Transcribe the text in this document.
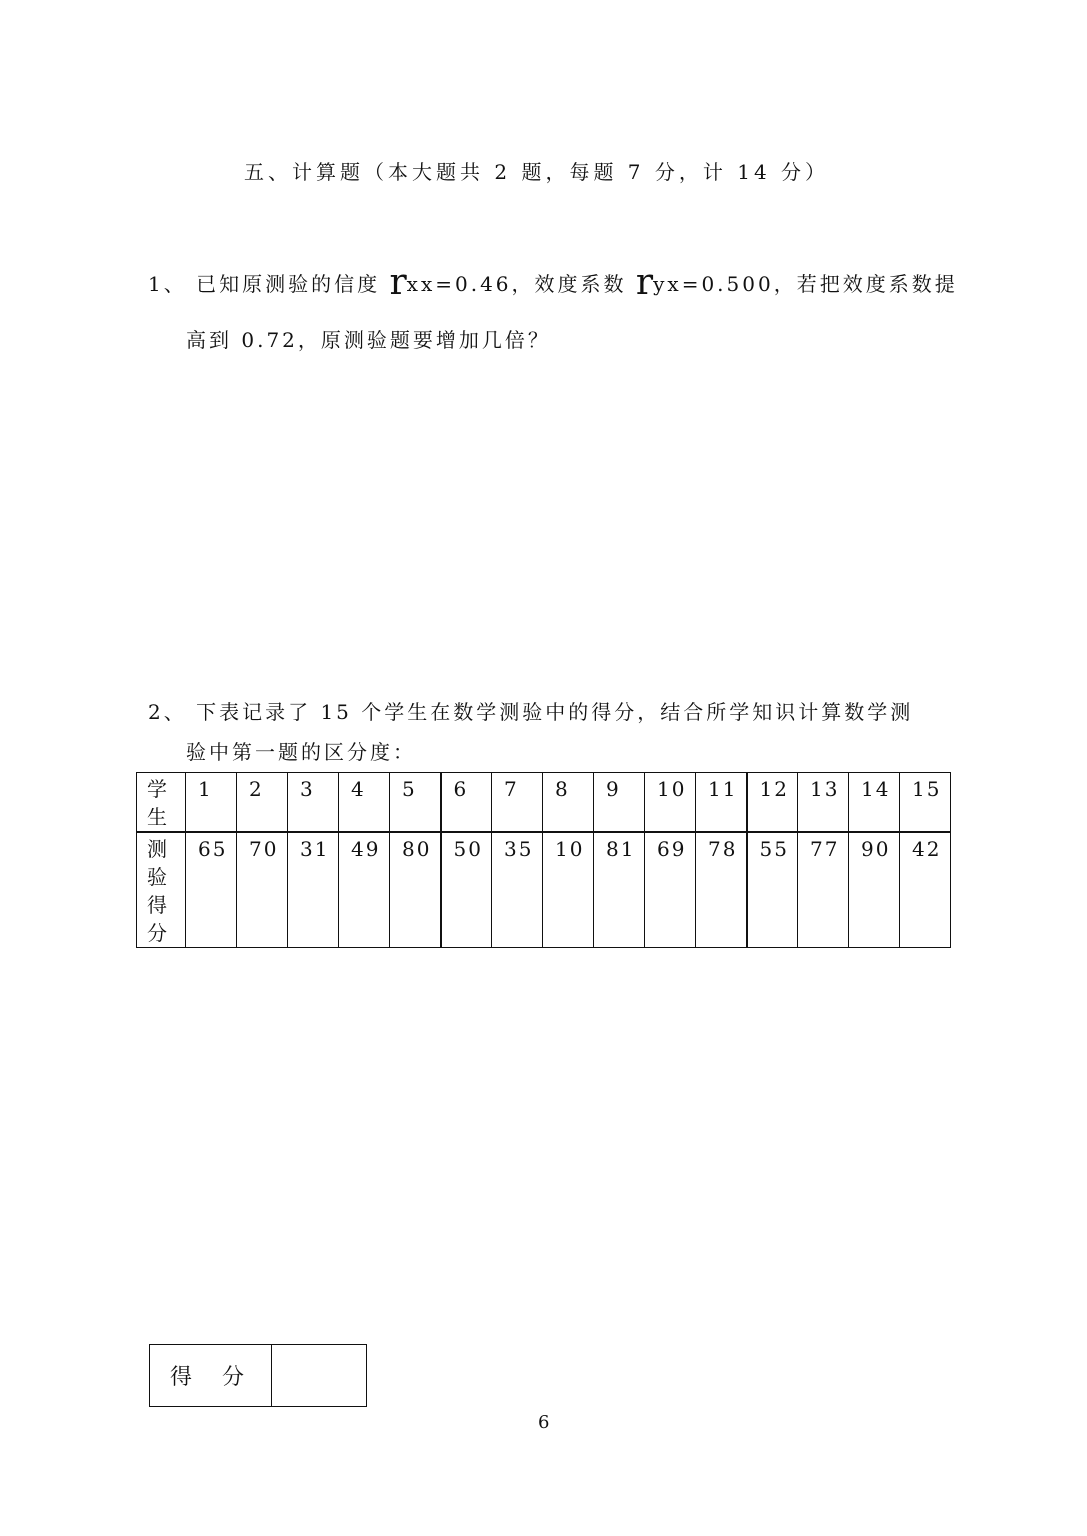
五、计算题（本大题共 2 题，每题 7 分，计 14 分）
1、 已知原测验的信度 rxx=0.46，效度系数 ryx=0.500，若把效度系数提
高到 0.72，原测验题要增加几倍？
2、 下表记录了 15 个学生在数学测验中的得分，结合所学知识计算数学测
验中第一题的区分度：
学生	1	2	3	4	5	6	7	8	9	10	11	12	13	14	15
测验得分	65	70	31	49	80	50	35	10	81	69	78	55	77	90	42
得 分
6
